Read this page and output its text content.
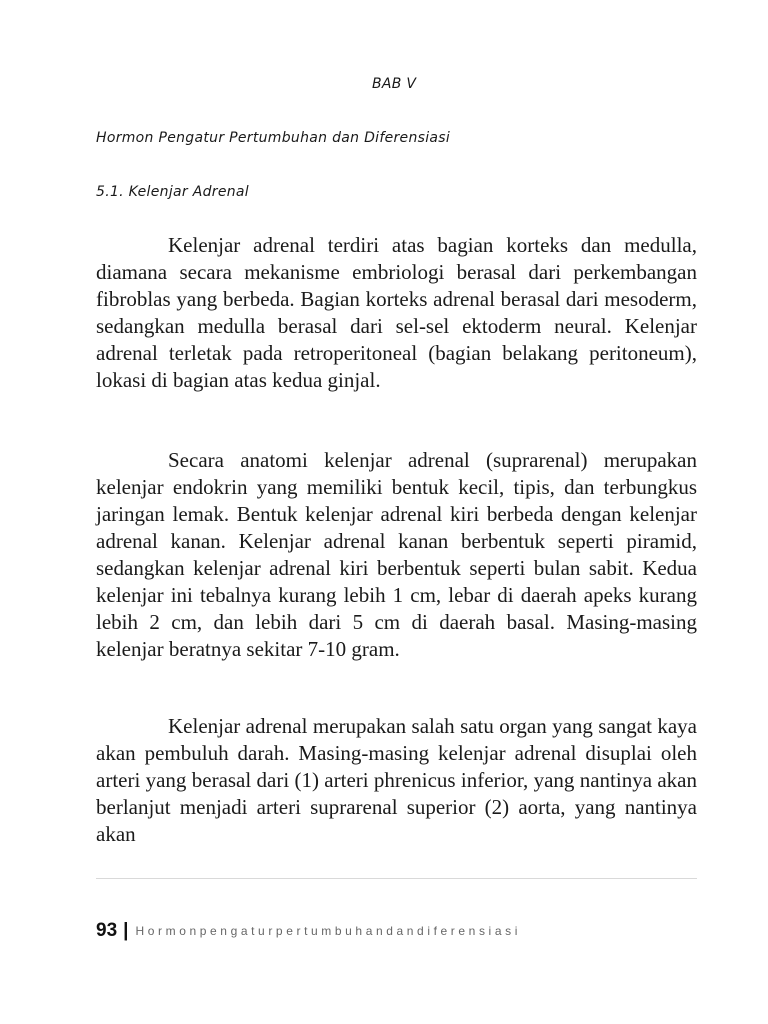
BAB V
Hormon Pengatur Pertumbuhan dan Diferensiasi
5.1. Kelenjar Adrenal

Kelenjar adrenal terdiri atas bagian korteks dan medulla, diamana secara mekanisme embriologi berasal dari perkembangan fibroblas yang berbeda. Bagian korteks adrenal berasal dari mesoderm, sedangkan medulla berasal dari sel-sel ektoderm neural. Kelenjar adrenal terletak pada retroperitoneal (bagian belakang peritoneum), lokasi di bagian atas kedua ginjal.

Secara anatomi kelenjar adrenal (suprarenal) merupakan kelenjar endokrin yang memiliki bentuk kecil, tipis, dan terbungkus jaringan lemak. Bentuk kelenjar adrenal kiri berbeda dengan kelenjar adrenal kanan. Kelenjar adrenal kanan berbentuk seperti piramid, sedangkan kelenjar adrenal kiri berbentuk seperti bulan sabit. Kedua kelenjar ini tebalnya kurang lebih 1 cm, lebar di daerah apeks kurang lebih 2 cm, dan lebih dari 5 cm di daerah basal. Masing-masing kelenjar beratnya sekitar 7-10 gram.

Kelenjar adrenal merupakan salah satu organ yang sangat kaya akan pembuluh darah. Masing-masing kelenjar adrenal disuplai oleh arteri yang berasal dari (1) arteri phrenicus inferior, yang nantinya akan berlanjut menjadi arteri suprarenal superior (2) aorta, yang nantinya akan

93 | Hormonpengaturpertumbuhandandiferensiasi
